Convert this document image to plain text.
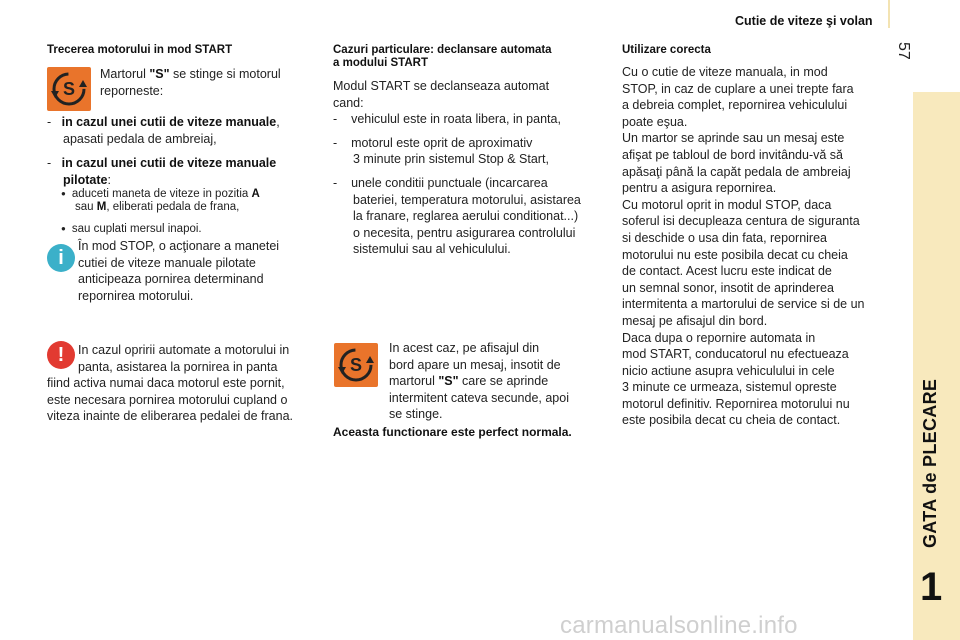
Cutie de viteze şi volan
57
GATA de PLECARE
1
Trecerea motorului in mod START
S
Martorul "S" se stinge si motorul
reporneste:
-   in cazul unei cutii de viteze manuale,
apasati pedala de ambreiaj,
-   in cazul unei cutii de viteze manuale
pilotate:
● aduceti maneta de viteze in pozitia A
sau M, eliberati pedala de frana,
● sau cuplati mersul inapoi.
i
În mod STOP, o acţionare a manetei
cutiei de viteze manuale pilotate
anticipeaza pornirea determinand
repornirea motorului.
!	In cazul opririi automate a motorului in
panta, asistarea la pornirea in panta
fiind activa numai daca motorul este pornit,
este necesara pornirea motorului cupland o
viteza inainte de eliberarea pedalei de frana.
Cazuri particulare: declansare automata
a modului START
Modul START se declanseaza automat
cand:
-    vehiculul este in roata libera, in panta,
-    motorul este oprit de aproximativ
3 minute prin sistemul Stop & Start,
-    unele conditii punctuale (incarcarea
bateriei, temperatura motorului, asistarea
la franare, reglarea aerului conditionat...)
o necesita, pentru asigurarea controlului
sistemului sau al vehiculului.
S
In acest caz, pe afisajul din
bord apare un mesaj, insotit de
martorul "S" care se aprinde
intermitent cateva secunde, apoi
se stinge.
Aceasta functionare este perfect normala.
Utilizare corecta
Cu o cutie de viteze manuala, in mod
STOP, in caz de cuplare a unei trepte fara
a debreia complet, repornirea vehiculului
poate eşua.
Un martor se aprinde sau un mesaj este
afişat pe tabloul de bord invitându-vă să
apăsaţi până la capăt pedala de ambreiaj
pentru a asigura repornirea.
Cu motorul oprit in modul STOP, daca
soferul isi decupleaza centura de siguranta
si deschide o usa din fata, repornirea
motorului nu este posibila decat cu cheia
de contact. Acest lucru este indicat de
un semnal sonor, insotit de aprinderea
intermitenta a martorului de service si de un
mesaj pe afisajul din bord.
Daca dupa o repornire automata in
mod START, conducatorul nu efectueaza
nicio actiune asupra vehiculului in cele
3 minute ce urmeaza, sistemul opreste
motorul definitiv. Repornirea motorului nu
este posibila decat cu cheia de contact.
carmanualsonline.info
